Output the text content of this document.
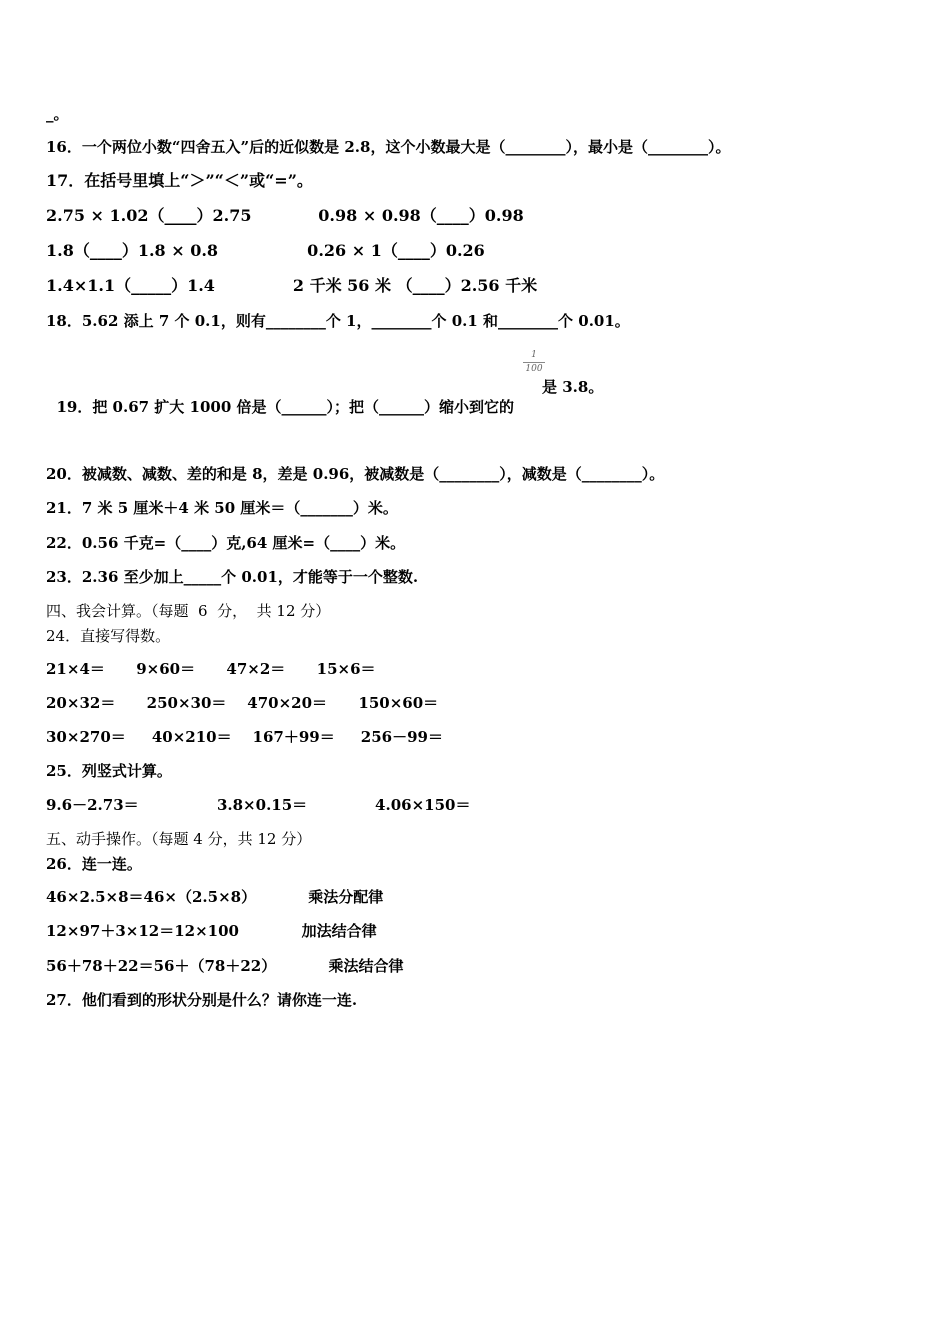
_。
16．一个两位小数“四舍五入”后的近似数是 2.8，这个小数最大是（________），最小是（________）。
17．在括号里填上“＞”“＜”或“=”。
2.75 × 1.02（____）2.75            0.98 × 0.98（____）0.98
1.8（____）1.8 × 0.8                0.26 × 1（____）0.26
1.4×1.1（_____）1.4              2 千米 56 米 （____）2.56 千米
18．5.62 添上 7 个 0.1，则有________个 1，________个 0.1 和________个 0.01。

19．把 0.67 扩大 1000 倍是（______）；把（______）缩小到它的

1
100
是 3.8。
20．被减数、减数、差的和是 8，差是 0.96，被减数是（________），减数是（________）。
21．7 米 5 厘米＋4 米 50 厘米＝（_______）米。
22．0.56 千克=（____）克,64 厘米=（____）米。
23．2.36 至少加上_____个 0.01，才能等于一个整数.
四、我会计算。（每题  6  分，  共 12 分）
24．直接写得数。
21×4＝      9×60＝      47×2＝      15×6＝
20×32＝      250×30＝    470×20＝      150×60＝
30×270＝     40×210＝    167＋99＝     256－99＝
25．列竖式计算。
9.6－2.73＝               3.8×0.15＝             4.06×150＝
五、动手操作。（每题 4 分，共 12 分）
26．连一连。
46×2.5×8＝46×（2.5×8）          乘法分配律
12×97＋3×12＝12×100            加法结合律
56＋78＋22＝56＋（78＋22）          乘法结合律
27．他们看到的形状分别是什么？请你连一连.
